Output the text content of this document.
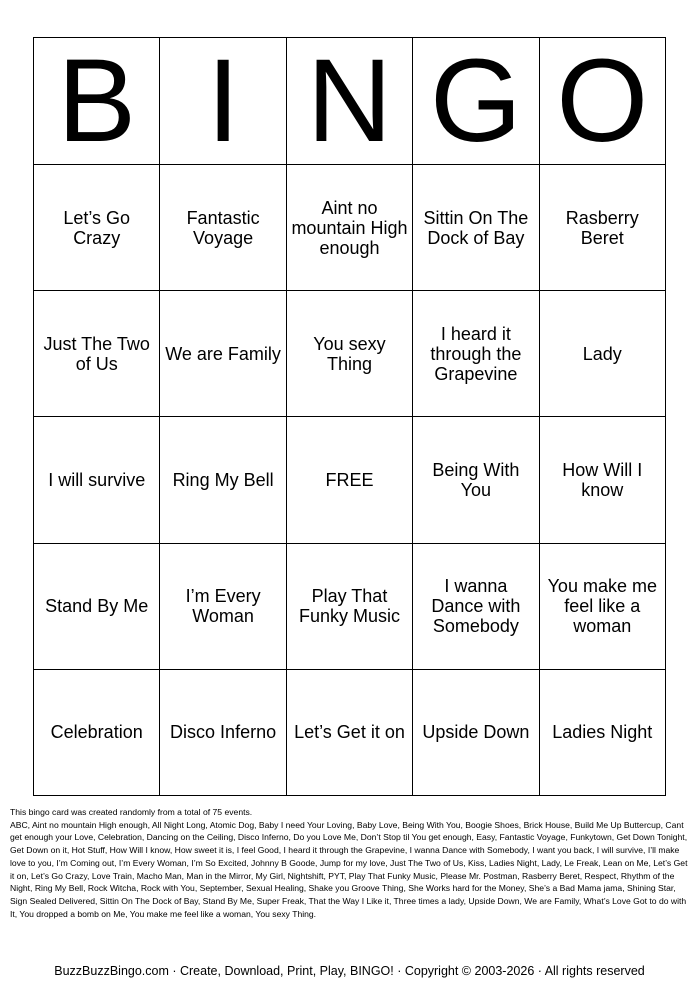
B	I	N	G	O
Let’s Go Crazy	Fantastic Voyage	Aint no mountain High enough	Sittin On The Dock of Bay	Rasberry Beret
Just The Two of Us	We are Family	You sexy Thing	I heard it through the Grapevine	Lady
I will survive	Ring My Bell	FREE	Being With You	How Will I know
Stand By Me	I’m Every Woman	Play That Funky Music	I wanna Dance with Somebody	You make me feel like a woman
Celebration	Disco Inferno	Let’s Get it on	Upside Down	Ladies Night

This bingo card was created randomly from a total of 75 events.

ABC, Aint no mountain High enough, All Night Long, Atomic Dog, Baby I need Your Loving, Baby Love, Being With You, Boogie Shoes, Brick House, Build Me Up Buttercup, Cant get enough your Love, Celebration, Dancing on the Ceiling, Disco Inferno, Do you Love Me, Don’t Stop til You get enough, Easy, Fantastic Voyage, Funkytown, Get Down Tonight, Get Down on it, Hot Stuff, How Will I know, How sweet it is, I feel Good, I heard it through the Grapevine, I wanna Dance with Somebody, I want you back, I will survive, I’ll make love to you, I’m Coming out, I’m Every Woman, I’m So Excited, Johnny B Goode, Jump for my love, Just The Two of Us, Kiss, Ladies Night, Lady, Le Freak, Lean on Me, Let’s Get it on, Let’s Go Crazy, Love Train, Macho Man, Man in the Mirror, My Girl, Nightshift, PYT, Play That Funky Music, Please Mr. Postman, Rasberry Beret, Respect, Rhythm of the Night, Ring My Bell, Rock Witcha, Rock with You, September, Sexual Healing, Shake you Groove Thing, She Works hard for the Money, She’s a Bad Mama jama, Shining Star, Sign Sealed Delivered, Sittin On The Dock of Bay, Stand By Me, Super Freak, That the Way I Like it, Three times a lady, Upside Down, We are Family, What’s Love Got to do with It, You dropped a bomb on Me, You make me feel like a woman, You sexy Thing.

BuzzBuzzBingo.com · Create, Download, Print, Play, BINGO! · Copyright © 2003-2026 · All rights reserved
